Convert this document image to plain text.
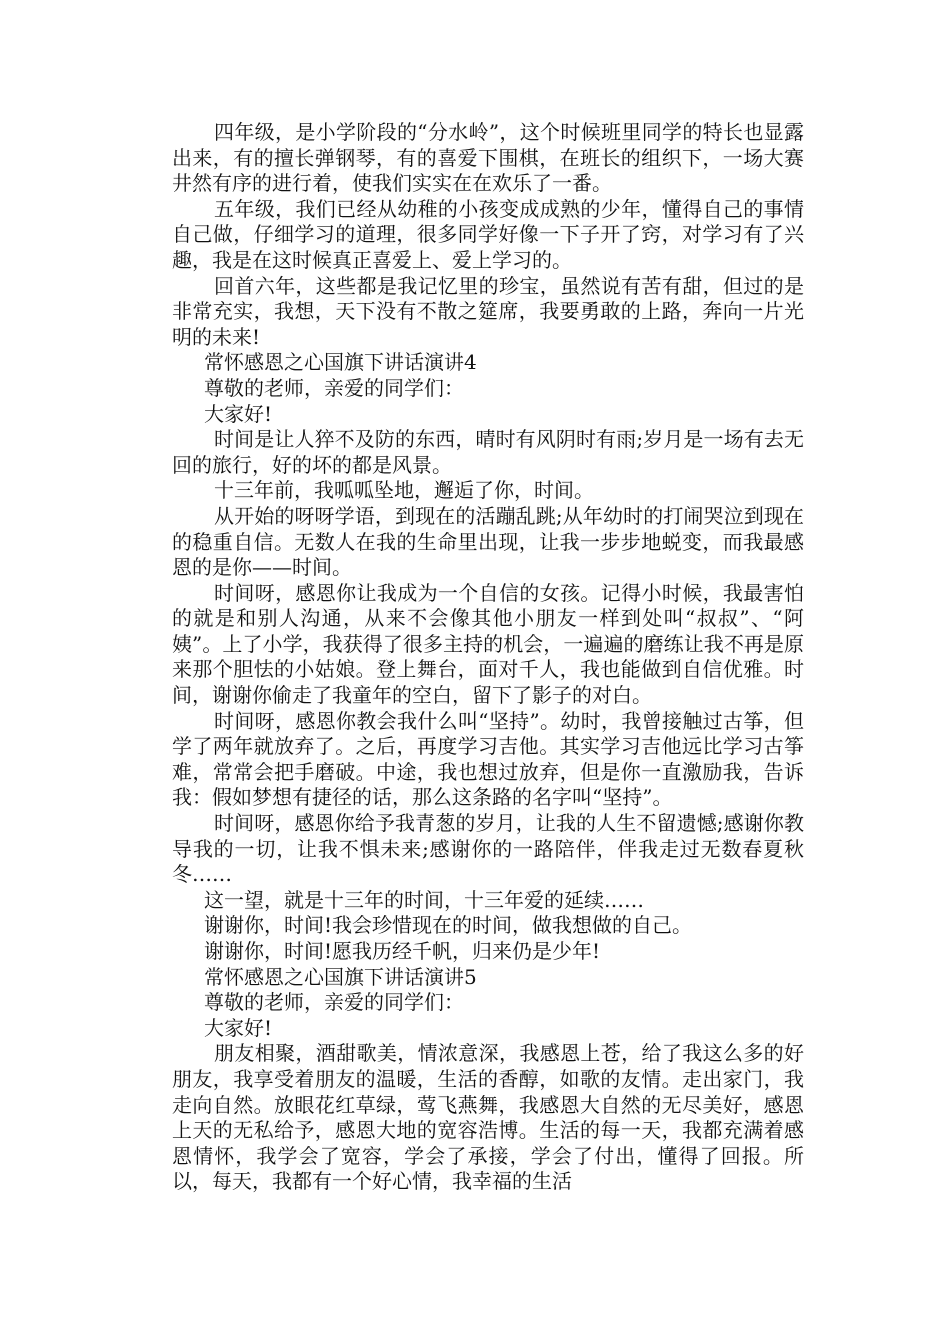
四年级，是小学阶段的“分水岭”，这个时候班里同学的特长也显露出来，有的擅长弹钢琴，有的喜爱下围棋，在班长的组织下，一场大赛井然有序的进行着，使我们实实在在欢乐了一番。

五年级，我们已经从幼稚的小孩变成成熟的少年，懂得自己的事情自己做，仔细学习的道理，很多同学好像一下子开了窍，对学习有了兴趣，我是在这时候真正喜爱上、爱上学习的。

回首六年，这些都是我记忆里的珍宝，虽然说有苦有甜，但过的是非常充实，我想，天下没有不散之筵席，我要勇敢的上路，奔向一片光明的未来!

常怀感恩之心国旗下讲话演讲4

尊敬的老师，亲爱的同学们：

大家好!

时间是让人猝不及防的东西，晴时有风阴时有雨;岁月是一场有去无回的旅行，好的坏的都是风景。

十三年前，我呱呱坠地，邂逅了你，时间。

从开始的呀呀学语，到现在的活蹦乱跳;从年幼时的打闹哭泣到现在的稳重自信。无数人在我的生命里出现，让我一步步地蜕变，而我最感恩的是你——时间。

时间呀，感恩你让我成为一个自信的女孩。记得小时候，我最害怕的就是和别人沟通，从来不会像其他小朋友一样到处叫“叔叔”、“阿姨”。上了小学，我获得了很多主持的机会，一遍遍的磨练让我不再是原来那个胆怯的小姑娘。登上舞台，面对千人，我也能做到自信优雅。时间，谢谢你偷走了我童年的空白，留下了影子的对白。

时间呀，感恩你教会我什么叫“坚持”。幼时，我曾接触过古筝，但学了两年就放弃了。之后，再度学习吉他。其实学习吉他远比学习古筝难，常常会把手磨破。中途，我也想过放弃，但是你一直激励我，告诉我：假如梦想有捷径的话，那么这条路的名字叫“坚持”。

时间呀，感恩你给予我青葱的岁月，让我的人生不留遗憾;感谢你教导我的一切，让我不惧未来;感谢你的一路陪伴，伴我走过无数春夏秋冬……

这一望，就是十三年的时间，十三年爱的延续……

谢谢你，时间!我会珍惜现在的时间，做我想做的自己。

谢谢你，时间!愿我历经千帆，归来仍是少年!

常怀感恩之心国旗下讲话演讲5

尊敬的老师，亲爱的同学们：

大家好!

朋友相聚，酒甜歌美，情浓意深，我感恩上苍，给了我这么多的好朋友，我享受着朋友的温暖，生活的香醇，如歌的友情。走出家门，我走向自然。放眼花红草绿，莺飞燕舞，我感恩大自然的无尽美好，感恩上天的无私给予，感恩大地的宽容浩博。生活的每一天，我都充满着感恩情怀，我学会了宽容，学会了承接，学会了付出，懂得了回报。所以，每天，我都有一个好心情，我幸福的生活
